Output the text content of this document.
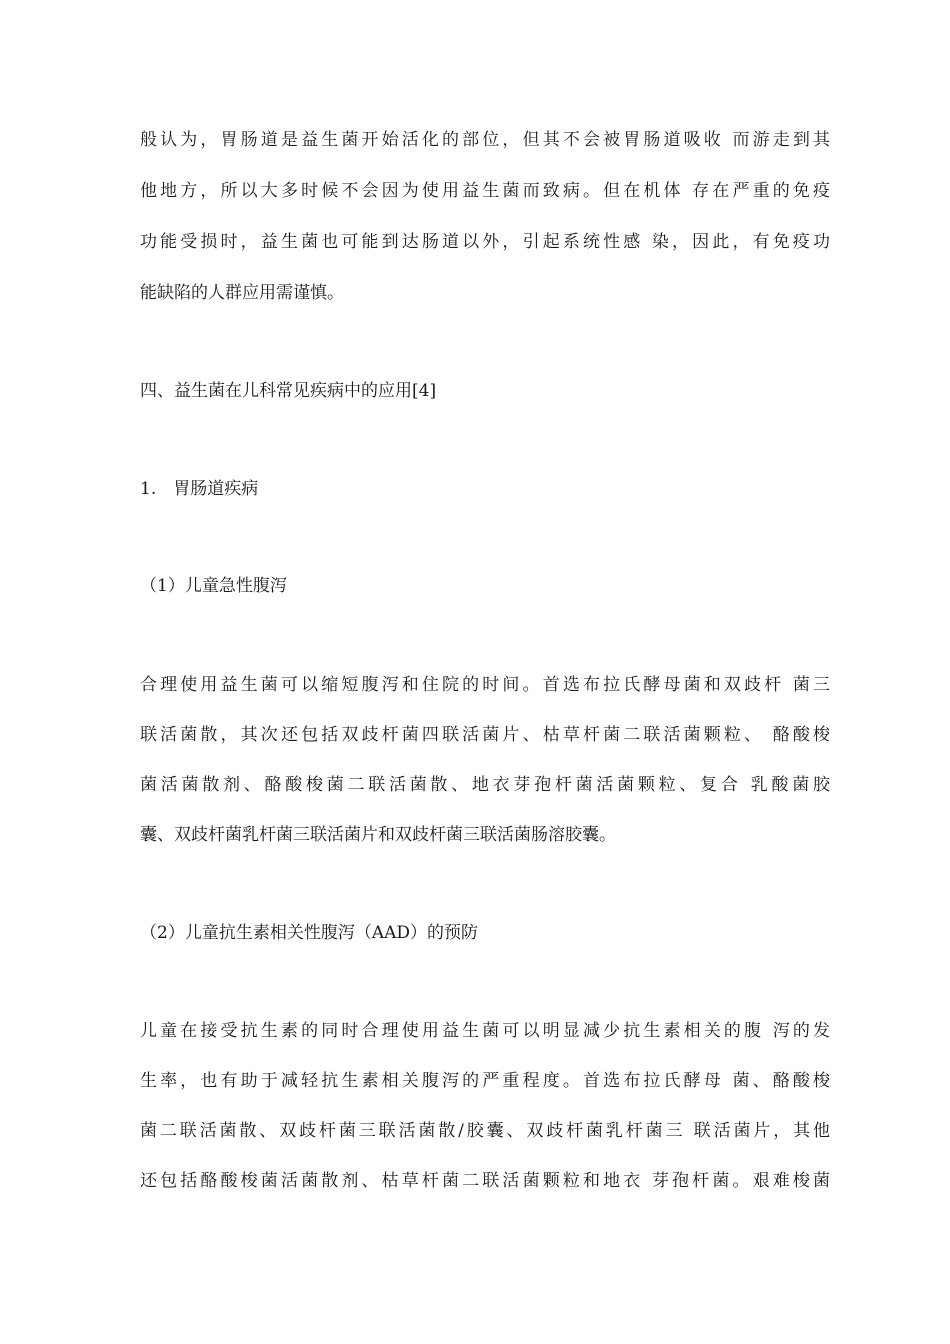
般认为，胃肠道是益生菌开始活化的部位，但其不会被胃肠道吸收 而游走到其
他地方，所以大多时候不会因为使用益生菌而致病。但在机体 存在严重的免疫
功能受损时，益生菌也可能到达肠道以外，引起系统性感 染，因此，有免疫功
能缺陷的人群应用需谨慎。
四、益生菌在儿科常见疾病中的应用[4]
1.　胃肠道疾病
（1）儿童急性腹泻
合理使用益生菌可以缩短腹泻和住院的时间。首选布拉氏酵母菌和双歧杆 菌三
联活菌散，其次还包括双歧杆菌四联活菌片、枯草杆菌二联活菌颗粒、 酪酸梭
菌活菌散剂、酪酸梭菌二联活菌散、地衣芽孢杆菌活菌颗粒、复合 乳酸菌胶
囊、双歧杆菌乳杆菌三联活菌片和双歧杆菌三联活菌肠溶胶囊。
（2）儿童抗生素相关性腹泻（AAD）的预防
儿童在接受抗生素的同时合理使用益生菌可以明显减少抗生素相关的腹 泻的发
生率，也有助于减轻抗生素相关腹泻的严重程度。首选布拉氏酵母 菌、酪酸梭
菌二联活菌散、双歧杆菌三联活菌散/胶囊、双歧杆菌乳杆菌三 联活菌片，其他
还包括酪酸梭菌活菌散剂、枯草杆菌二联活菌颗粒和地衣 芽孢杆菌。艰难梭菌
